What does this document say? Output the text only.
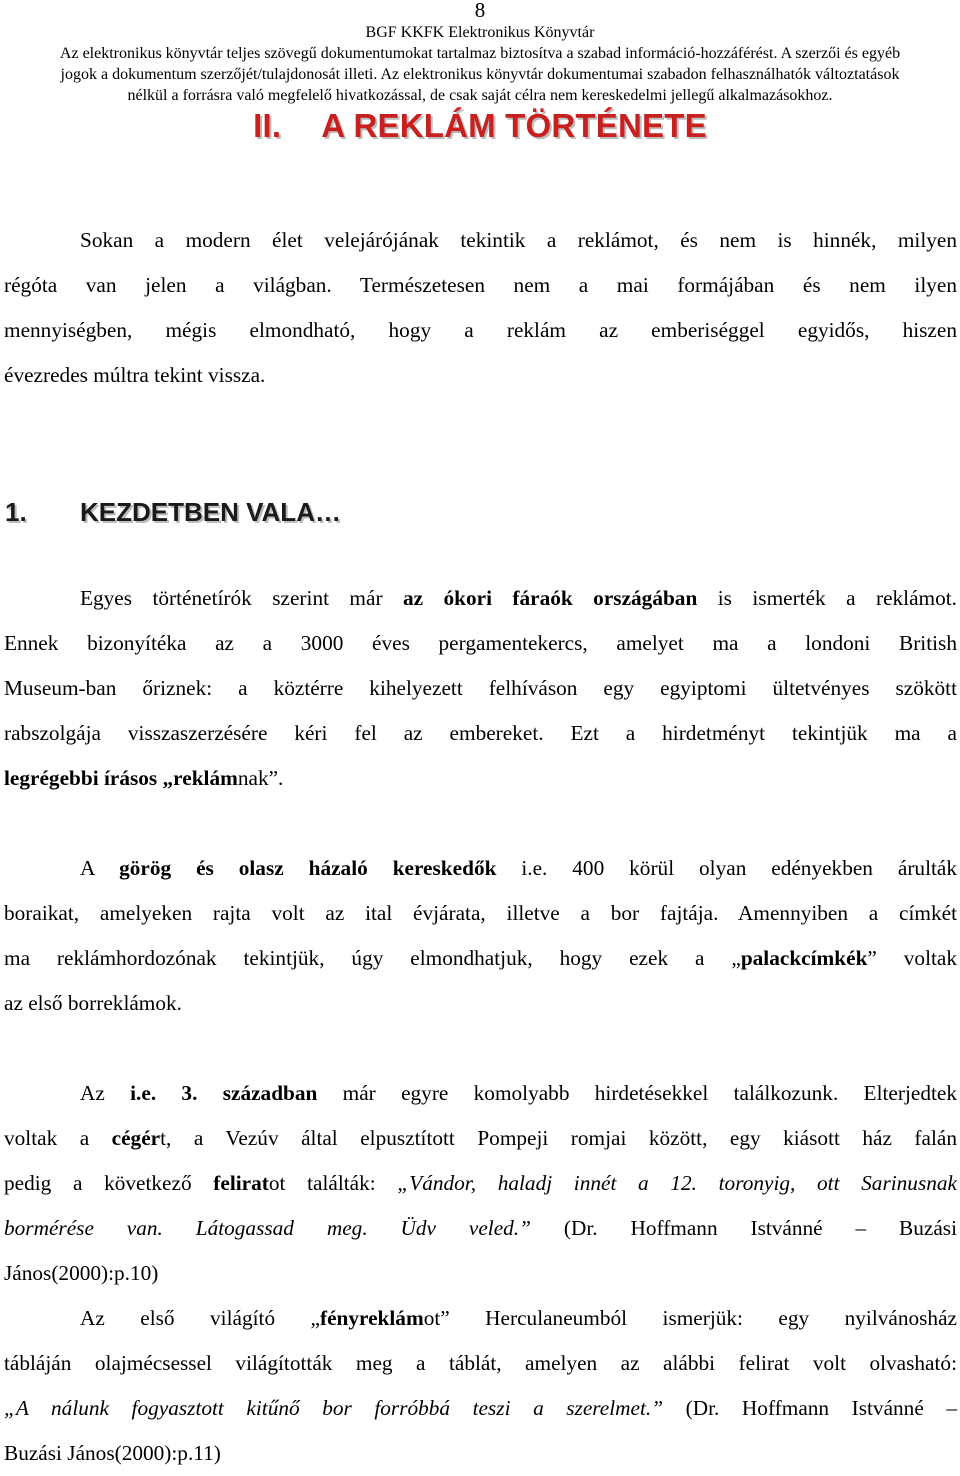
8
BGF KKFK Elektronikus Könyvtár
Az elektronikus könyvtár teljes szövegű dokumentumokat tartalmaz biztosítva a szabad információ-hozzáférést. A szerzői és egyéb
jogok a dokumentum szerzőjét/tulajdonosát illeti. Az elektronikus könyvtár dokumentumai szabadon felhasználhatók változtatások
nélkül a forrásra való megfelelő hivatkozással, de csak saját célra nem kereskedelmi jellegű alkalmazásokhoz.
II. A REKLÁM TÖRTÉNETE
Sokan a modern élet velejárójának tekintik a reklámot, és nem is hinnék, milyen
régóta van jelen a világban. Természetesen nem a mai formájában és nem ilyen
mennyiségben, mégis elmondható, hogy a reklám az emberiséggel egyidős, hiszen
évezredes múltra tekint vissza.
1. KEZDETBEN VALA…
Egyes történetírók szerint már az ókori fáraók országában is ismerték a reklámot.
Ennek bizonyítéka az a 3000 éves pergamentekercs, amelyet ma a londoni British
Museum-ban őriznek: a köztérre kihelyezett felhíváson egy egyiptomi ültetvényes szökött
rabszolgája visszaszerzésére kéri fel az embereket. Ezt a hirdetményt tekintjük ma a
legrégebbi írásos „reklámnak”.
A görög és olasz házaló kereskedők i.e. 400 körül olyan edényekben árulták
boraikat, amelyeken rajta volt az ital évjárata, illetve a bor fajtája. Amennyiben a címkét
ma reklámhordozónak tekintjük, úgy elmondhatjuk, hogy ezek a „palackcímkék” voltak
az első borreklámok.
Az i.e. 3. században már egyre komolyabb hirdetésekkel találkozunk. Elterjedtek
voltak a cégért, a Vezúv által elpusztított Pompeji romjai között, egy kiásott ház falán
pedig a következő feliratot találták: „Vándor, haladj innét a 12. toronyig, ott Sarinusnak
bormérése van. Látogassad meg. Üdv veled.” (Dr. Hoffmann Istvánné – Buzási
János(2000):p.10)
Az első világító „fényreklámot” Herculaneumból ismerjük: egy nyilvánosház
tábláján olajmécsessel világították meg a táblát, amelyen az alábbi felirat volt olvasható:
„A nálunk fogyasztott kitűnő bor forróbbá teszi a szerelmet.” (Dr. Hoffmann Istvánné –
Buzási János(2000):p.11)
